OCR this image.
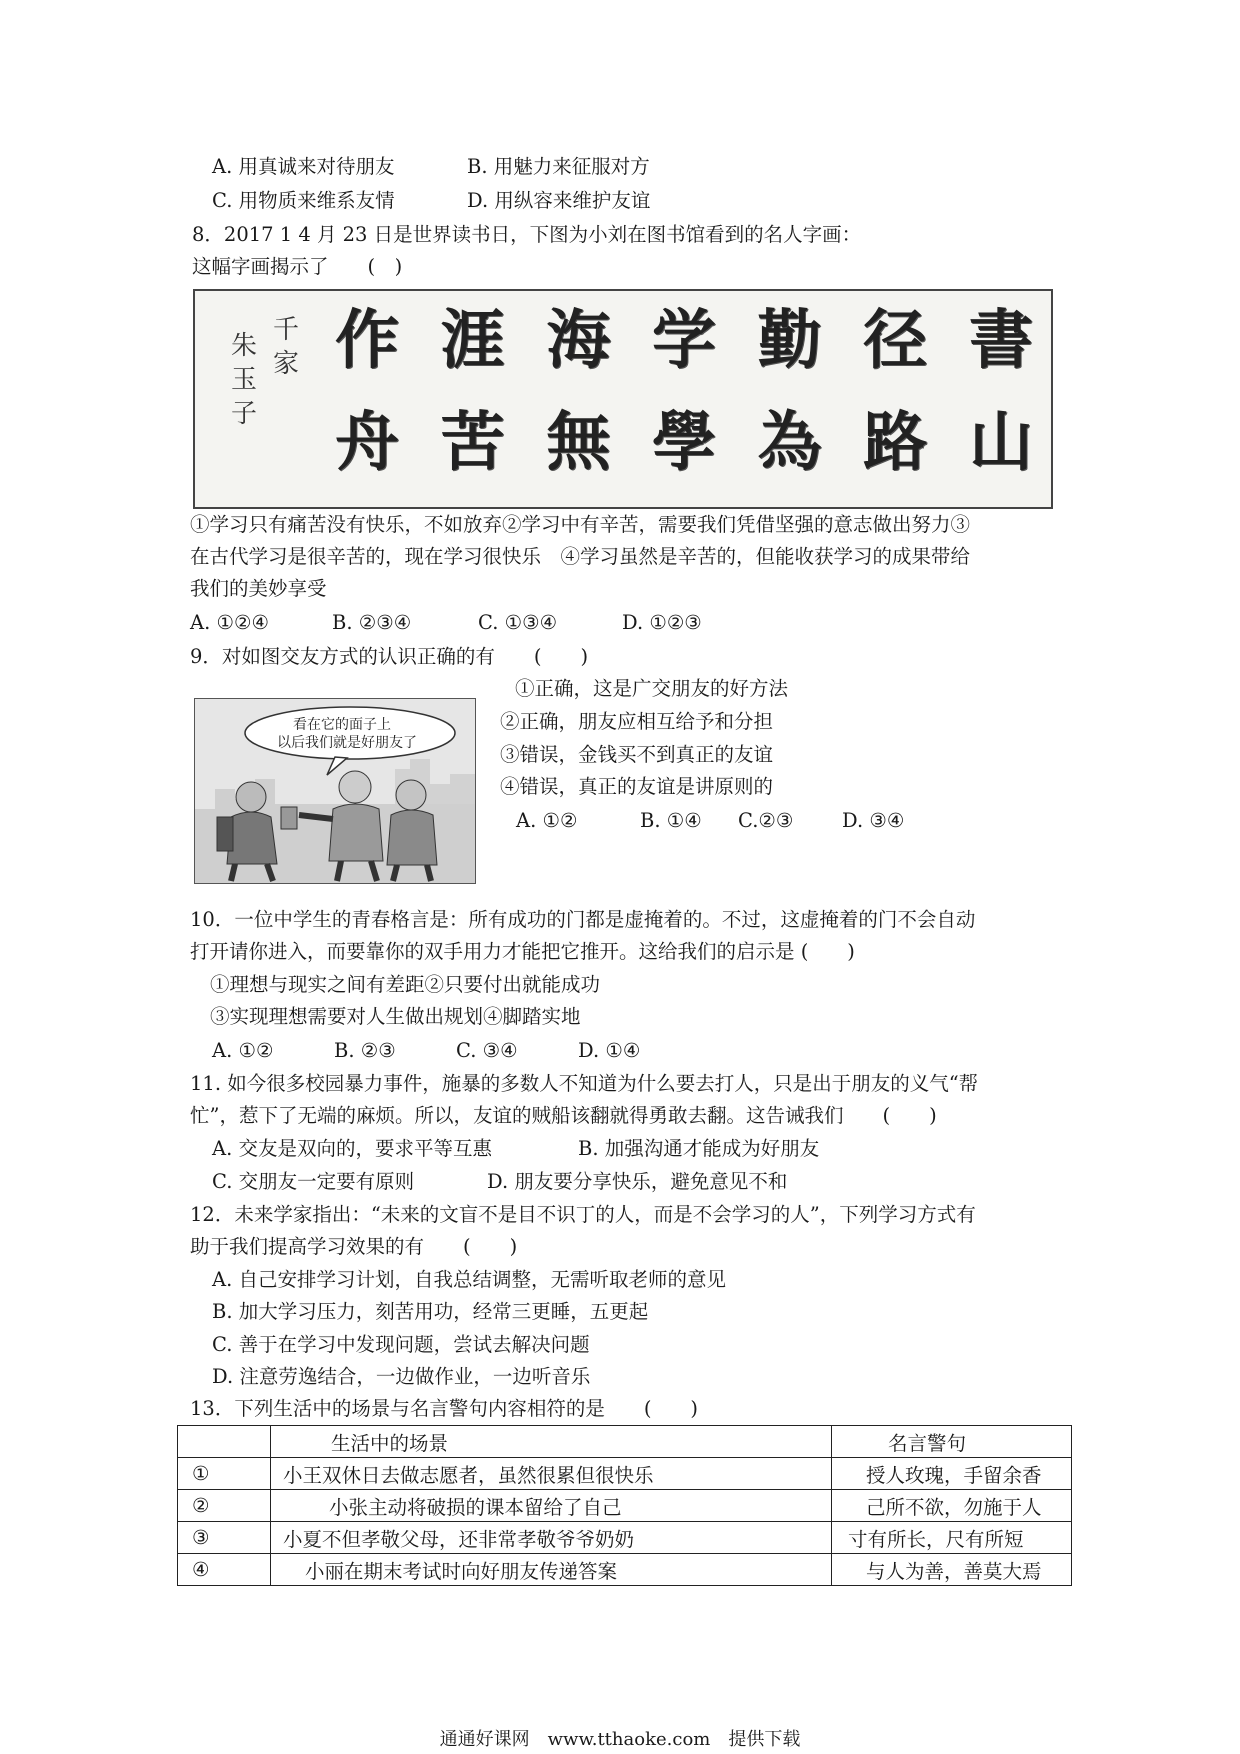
A. 用真诚来对待朋友	B. 用魅力来征服对方
C. 用物质来维系友情	D. 用纵容来维护友谊
8．2017 1 4 月 23 日是世界读书日，下图为小刘在图书馆看到的名人字画：
这幅字画揭示了　　(　)
千
家
朱
玉
子
作 涯 海 学 勤 径 書
舟 苦 無 學 為 路 山
①学习只有痛苦没有快乐，不如放弃②学习中有辛苦，需要我们凭借坚强的意志做出努力③
在古代学习是很辛苦的，现在学习很快乐　④学习虽然是辛苦的，但能收获学习的成果带给
我们的美妙享受
A. ①②④	B. ②③④	C. ①③④	D. ①②③
9．对如图交友方式的认识正确的有　　(　　)
看在它的面子上
以后我们就是好朋友了
①正确，这是广交朋友的好方法
②正确，朋友应相互给予和分担
③错误，金钱买不到真正的友谊
④错误，真正的友谊是讲原则的
A. ①②	B. ①④ C.②③ D. ③④
10．一位中学生的青春格言是：所有成功的门都是虚掩着的。不过，这虚掩着的门不会自动
打开请你进入，而要靠你的双手用力才能把它推开。这给我们的启示是 (　　)
①理想与现实之间有差距②只要付出就能成功
③实现理想需要对人生做出规划④脚踏实地
A. ①②	B. ②③	C. ③④	D. ①④
11. 如今很多校园暴力事件，施暴的多数人不知道为什么要去打人，只是出于朋友的义气“帮
忙”，惹下了无端的麻烦。所以，友谊的贼船该翻就得勇敢去翻。这告诫我们　　(　　)
A. 交友是双向的，要求平等互惠	B. 加强沟通才能成为好朋友
C. 交朋友一定要有原则	D. 朋友要分享快乐，避免意见不和
12．未来学家指出：“未来的文盲不是目不识丁的人，而是不会学习的人”，下列学习方式有
助于我们提高学习效果的有　　(　　)
A. 自己安排学习计划，自我总结调整，无需听取老师的意见
B. 加大学习压力，刻苦用功，经常三更睡，五更起
C. 善于在学习中发现问题，尝试去解决问题
D. 注意劳逸结合，一边做作业，一边听音乐
13．下列生活中的场景与名言警句内容相符的是　　(　　)
	生活中的场景	名言警句
①	小王双休日去做志愿者，虽然很累但很快乐	授人玫瑰，手留余香
②	小张主动将破损的课本留给了自己	己所不欲，勿施于人
③	小夏不但孝敬父母，还非常孝敬爷爷奶奶	寸有所长，尺有所短
④	小丽在期末考试时向好朋友传递答案	与人为善，善莫大焉
通通好课网　www.tthaoke.com　提供下载
